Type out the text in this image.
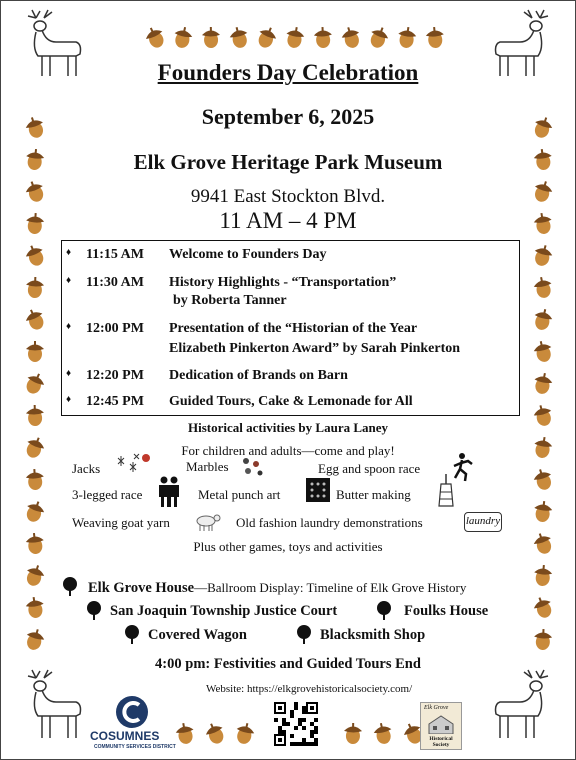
Founders Day Celebration
September 6, 2025
Elk Grove Heritage Park Museum
9941 East Stockton Blvd.
11 AM – 4 PM
♦ 11:15 AM Welcome to Founders Day
♦ 11:30 AM History Highlights - “Transportation”
by Roberta Tanner
♦ 12:00 PM Presentation of the “Historian of the Year
Elizabeth Pinkerton Award” by Sarah Pinkerton
♦ 12:20 PM Dedication of Brands on Barn
♦ 12:45 PM Guided Tours, Cake & Lemonade for All
Historical activities by Laura Laney
For children and adults—come and play!
Jacks	Marbles	Egg and spoon race
3-legged race	Metal punch art	Butter making
Weaving goat yarn	Old fashion laundry demonstrations	laundry
Plus other games, toys and activities
Elk Grove House—Ballroom Display: Timeline of Elk Grove History
San Joaquin Township Justice Court	Foulks House
Covered Wagon	Blacksmith Shop
4:00 pm: Festivities and Guided Tours End
Website: https://elkgrovehistoricalsociety.com/
COSUMNES
COMMUNITY SERVICES DISTRICT
Elk Grove
Historical Society
